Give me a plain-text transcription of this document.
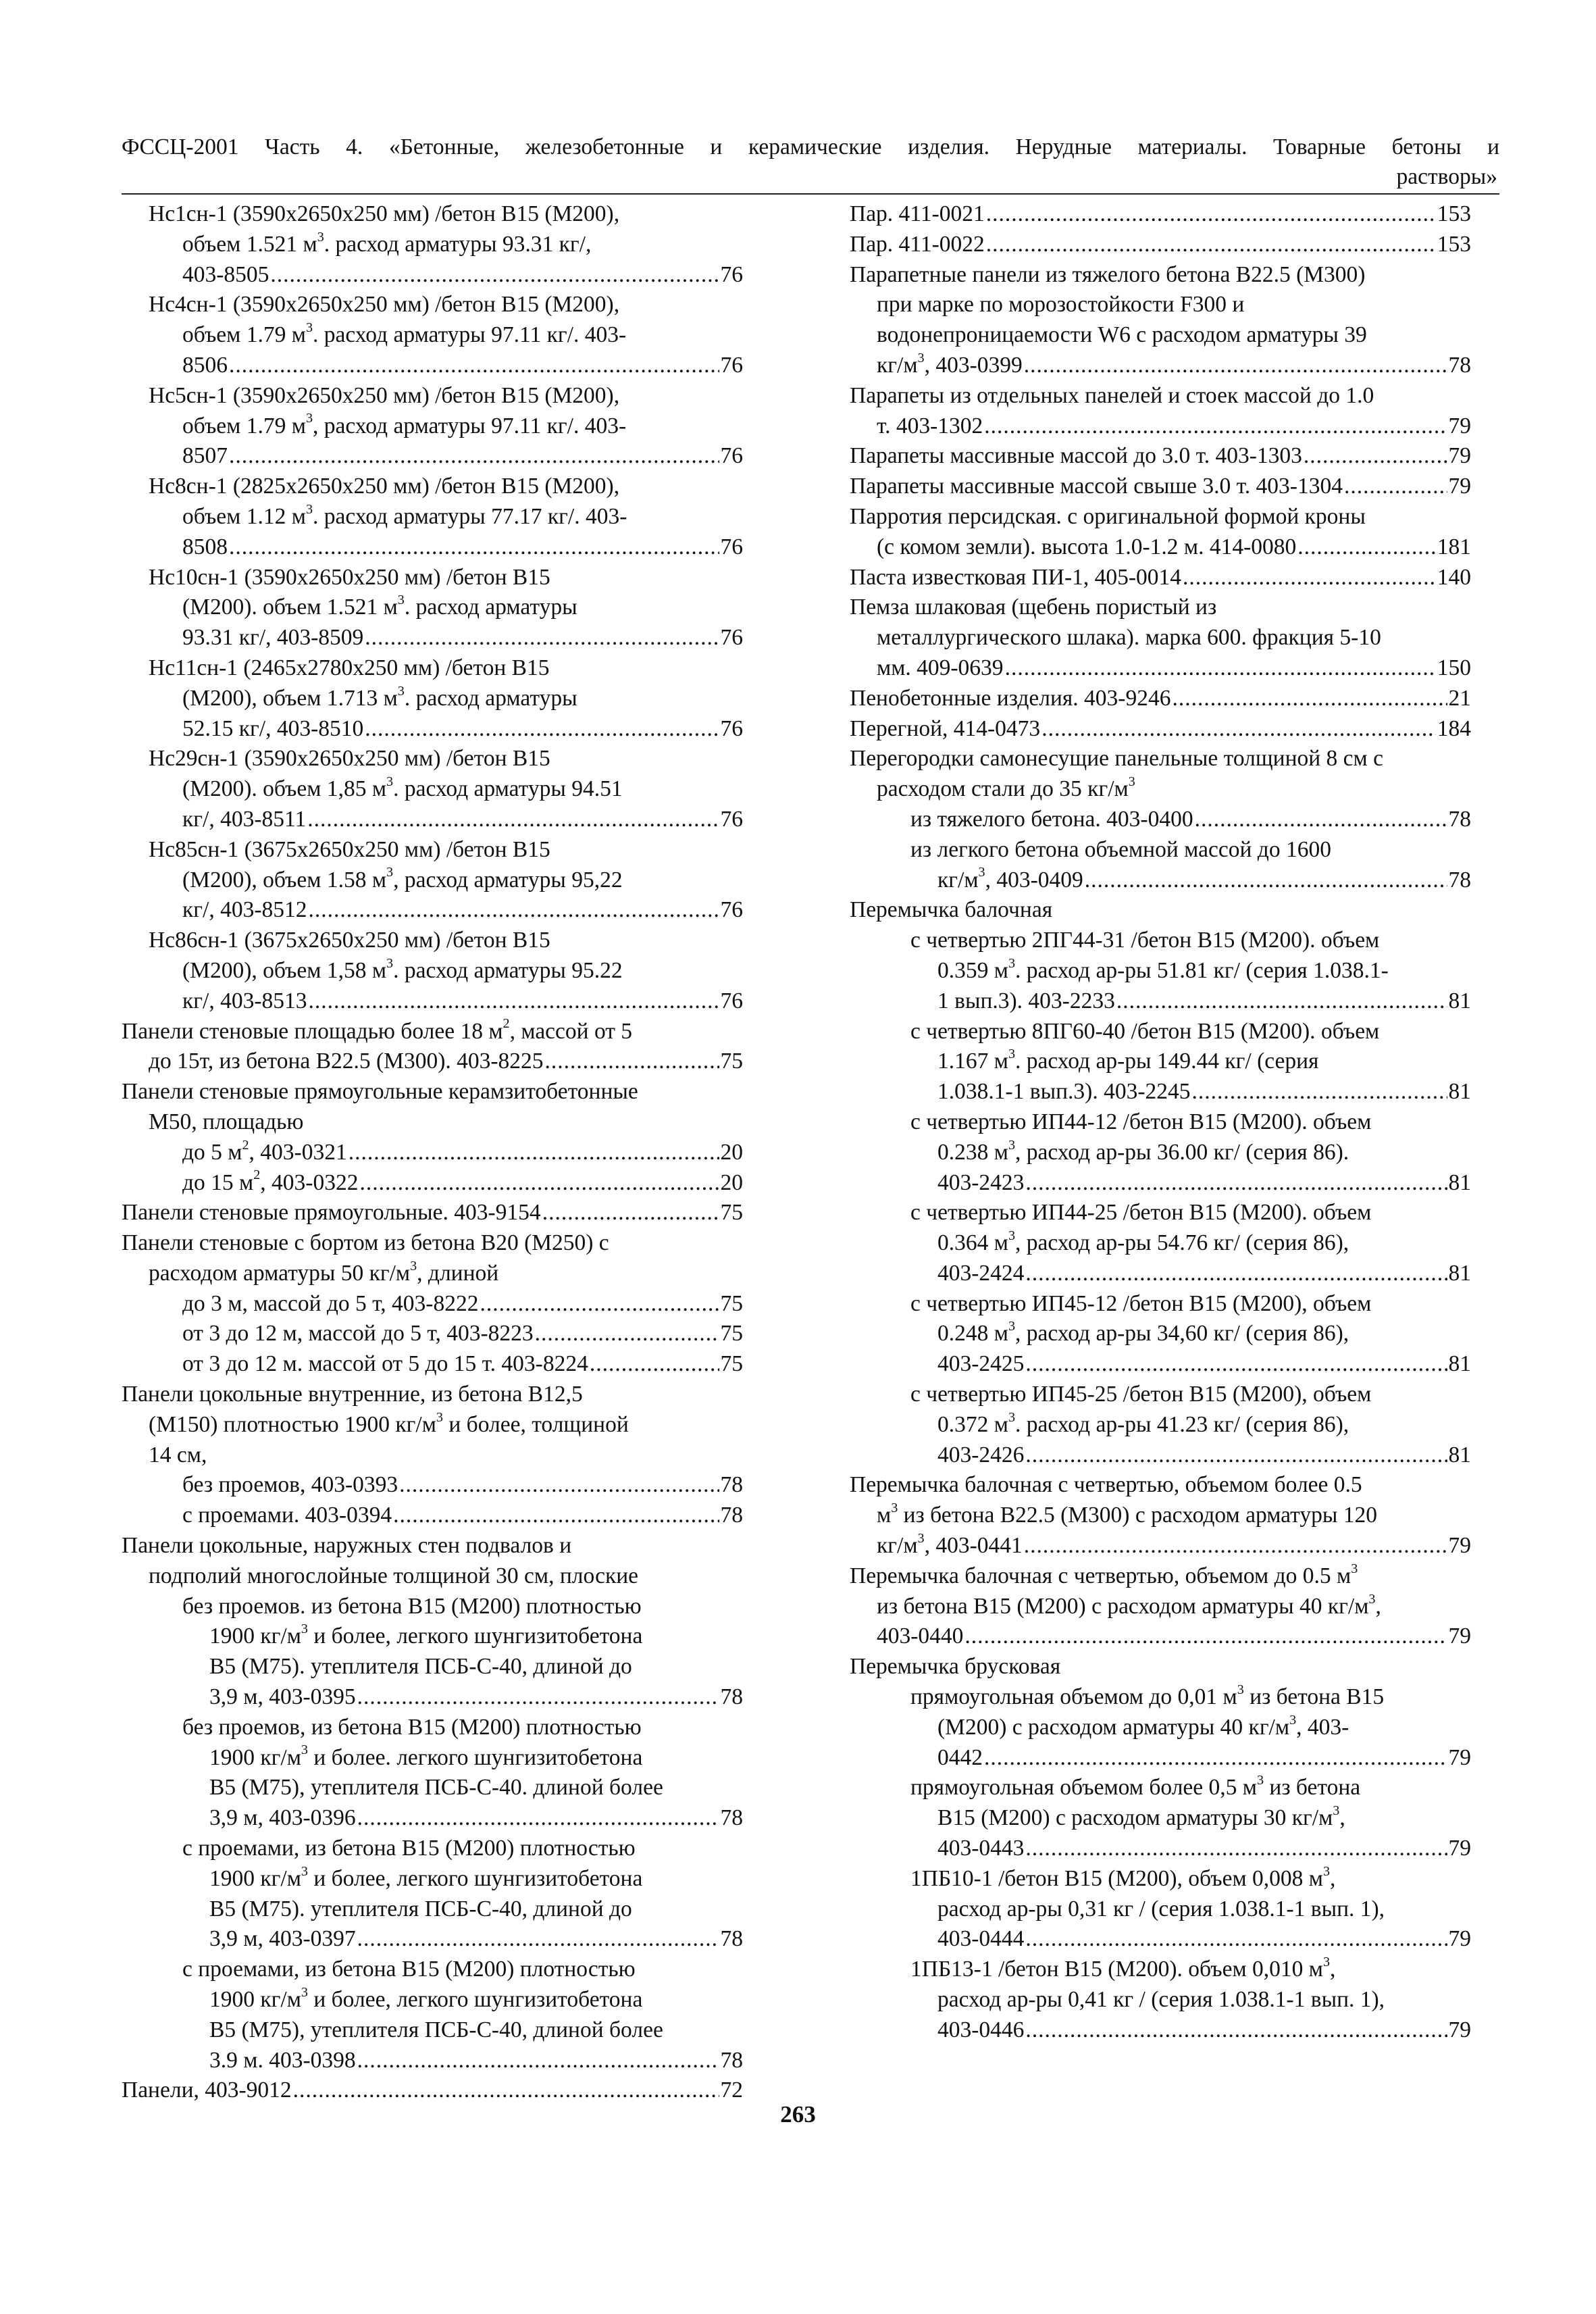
ФССЦ-2001 Часть 4. «Бетонные, железобетонные и керамические изделия. Нерудные материалы. Товарные бетоны и
растворы»
Нс1сн-1 (3590х2650х250 мм) /бетон В15 (М200),
объем 1.521 $м^3$. расход арматуры 93.31 кг/,
403-8505 .....	76
Нс4сн-1 (3590х2650х250 мм) /бетон В15 (М200),
объем 1.79 $м^3$. расход арматуры 97.11 кг/. 403-
8506 .....	76
Нс5сн-1 (3590х2650х250 мм) /бетон В15 (М200),
объем 1.79 $м^3$, расход арматуры 97.11 кг/. 403-
8507 .....	76
Нс8сн-1 (2825х2650х250 мм) /бетон В15 (М200),
объем 1.12 $м^3$. расход арматуры 77.17 кг/. 403-
8508 .....	76
Нс10сн-1 (3590х2650х250 мм) /бетон В15
(М200). объем 1.521 $м^3$. расход арматуры
93.31 кг/, 403-8509 .....	76
Нс11сн-1 (2465х2780х250 мм) /бетон В15
(М200), объем 1.713 $м^3$. расход арматуры
52.15 кг/, 403-8510 .....	76
Нс29сн-1 (3590х2650х250 мм) /бетон В15
(М200). объем 1,85 $м^3$. расход арматуры 94.51
кг/, 403-8511 .....	76
Нс85сн-1 (3675х2650х250 мм) /бетон В15
(М200), объем 1.58 $м^3$, расход арматуры 95,22
кг/, 403-8512 .....	76
Нс86сн-1 (3675х2650х250 мм) /бетон В15
(М200), объем 1,58 $м^3$. расход арматуры 95.22
кг/, 403-8513 .....	76
Панели стеновые площадью более 18 $м^2$, массой от 5
до 15т, из бетона В22.5 (М300). 403-8225 .....	75
Панели стеновые прямоугольные керамзитобетонные
М50, площадью
до 5 $м^2$, 403-0321 .....	20
до 15 $м^2$, 403-0322 .....	20
Панели стеновые прямоугольные. 403-9154 .....	75
Панели стеновые с бортом из бетона В20 (М250) с
расходом арматуры 50 $кг/м^3$, длиной
до 3 м, массой до 5 т, 403-8222 .....	75
от 3 до 12 м, массой до 5 т, 403-8223 .....	75
от 3 до 12 м. массой от 5 до 15 т. 403-8224 .....	75
Панели цокольные внутренние, из бетона В12,5
(М150) плотностью 1900 $кг/м^3$ и более, толщиной
14 см,
без проемов, 403-0393 .....	78
с проемами. 403-0394 .....	78
Панели цокольные, наружных стен подвалов и
подполий многослойные толщиной 30 см, плоские
без проемов. из бетона В15 (М200) плотностью
1900 $кг/м^3$ и более, легкого шунгизитобетона
В5 (М75). утеплителя ПСБ-С-40, длиной до
3,9 м, 403-0395 .....	78
без проемов, из бетона В15 (М200) плотностью
1900 $кг/м^3$ и более. легкого шунгизитобетона
В5 (М75), утеплителя ПСБ-С-40. длиной более
3,9 м, 403-0396 .....	78
с проемами, из бетона В15 (М200) плотностью
1900 $кг/м^3$ и более, легкого шунгизитобетона
В5 (М75). утеплителя ПСБ-С-40, длиной до
3,9 м, 403-0397 .....	78
с проемами, из бетона В15 (М200) плотностью
1900 $кг/м^3$ и более, легкого шунгизитобетона
В5 (М75), утеплителя ПСБ-С-40, длиной более
3.9 м. 403-0398 .....	78
Панели, 403-9012 .....	72
Пар. 411-0021 .....	153
Пар. 411-0022 .....	153
Парапетные панели из тяжелого бетона В22.5 (М300)
при марке по морозостойкости F300 и
водонепроницаемости W6 с расходом арматуры 39
$кг/м^3$, 403-0399 .....	78
Парапеты из отдельных панелей и стоек массой до 1.0
т. 403-1302 .....	79
Парапеты массивные массой до 3.0 т. 403-1303 .....	79
Парапеты массивные массой свыше 3.0 т. 403-1304 .....	79
Парротия персидская. с оригинальной формой кроны
(с комом земли). высота 1.0-1.2 м. 414-0080 .....	181
Паста известковая ПИ-1, 405-0014 .....	140
Пемза шлаковая (щебень пористый из
металлургического шлака). марка 600. фракция 5-10
мм. 409-0639 .....	150
Пенобетонные изделия. 403-9246 .....	21
Перегной, 414-0473 .....	184
Перегородки самонесущие панельные толщиной 8 см с
расходом стали до 35 $кг/м^3$
из тяжелого бетона. 403-0400 .....	78
из легкого бетона объемной массой до 1600
$кг/м^3$, 403-0409 .....	78
Перемычка балочная
с четвертью 2ПГ44-31 /бетон В15 (М200). объем
0.359 $м^3$. расход ар-ры 51.81 кг/ (серия 1.038.1-
1 вып.3). 403-2233 .....	81
с четвертью 8ПГ60-40 /бетон В15 (М200). объем
1.167 $м^3$. расход ар-ры 149.44 кг/ (серия
1.038.1-1 вып.3). 403-2245 .....	81
с четвертью ИП44-12 /бетон В15 (М200). объем
0.238 $м^3$, расход ар-ры 36.00 кг/ (серия 86).
403-2423 .....	81
с четвертью ИП44-25 /бетон В15 (М200). объем
0.364 $м^3$, расход ар-ры 54.76 кг/ (серия 86),
403-2424 .....	81
с четвертью ИП45-12 /бетон В15 (М200), объем
0.248 $м^3$, расход ар-ры 34,60 кг/ (серия 86),
403-2425 .....	81
с четвертью ИП45-25 /бетон В15 (М200), объем
0.372 $м^3$. расход ар-ры 41.23 кг/ (серия 86),
403-2426 .....	81
Перемычка балочная с четвертью, объемом более 0.5
$м^3$ из бетона В22.5 (М300) с расходом арматуры 120
$кг/м^3$, 403-0441 .....	79
Перемычка балочная с четвертью, объемом до 0.5 $м^3$
из бетона В15 (М200) с расходом арматуры 40 $кг/м^3$,
403-0440 .....	79
Перемычка брусковая
прямоугольная объемом до 0,01 $м^3$ из бетона В15
(М200) с расходом арматуры 40 $кг/м^3$, 403-
0442 .....	79
прямоугольная объемом более 0,5 $м^3$ из бетона
В15 (М200) с расходом арматуры 30 $кг/м^3$,
403-0443 .....	79
1ПБ10-1 /бетон В15 (М200), объем 0,008 $м^3$,
расход ар-ры 0,31 кг / (серия 1.038.1-1 вып. 1),
403-0444 .....	79
1ПБ13-1 /бетон В15 (М200). объем 0,010 $м^3$,
расход ар-ры 0,41 кг / (серия 1.038.1-1 вып. 1),
403-0446 .....	79
263
